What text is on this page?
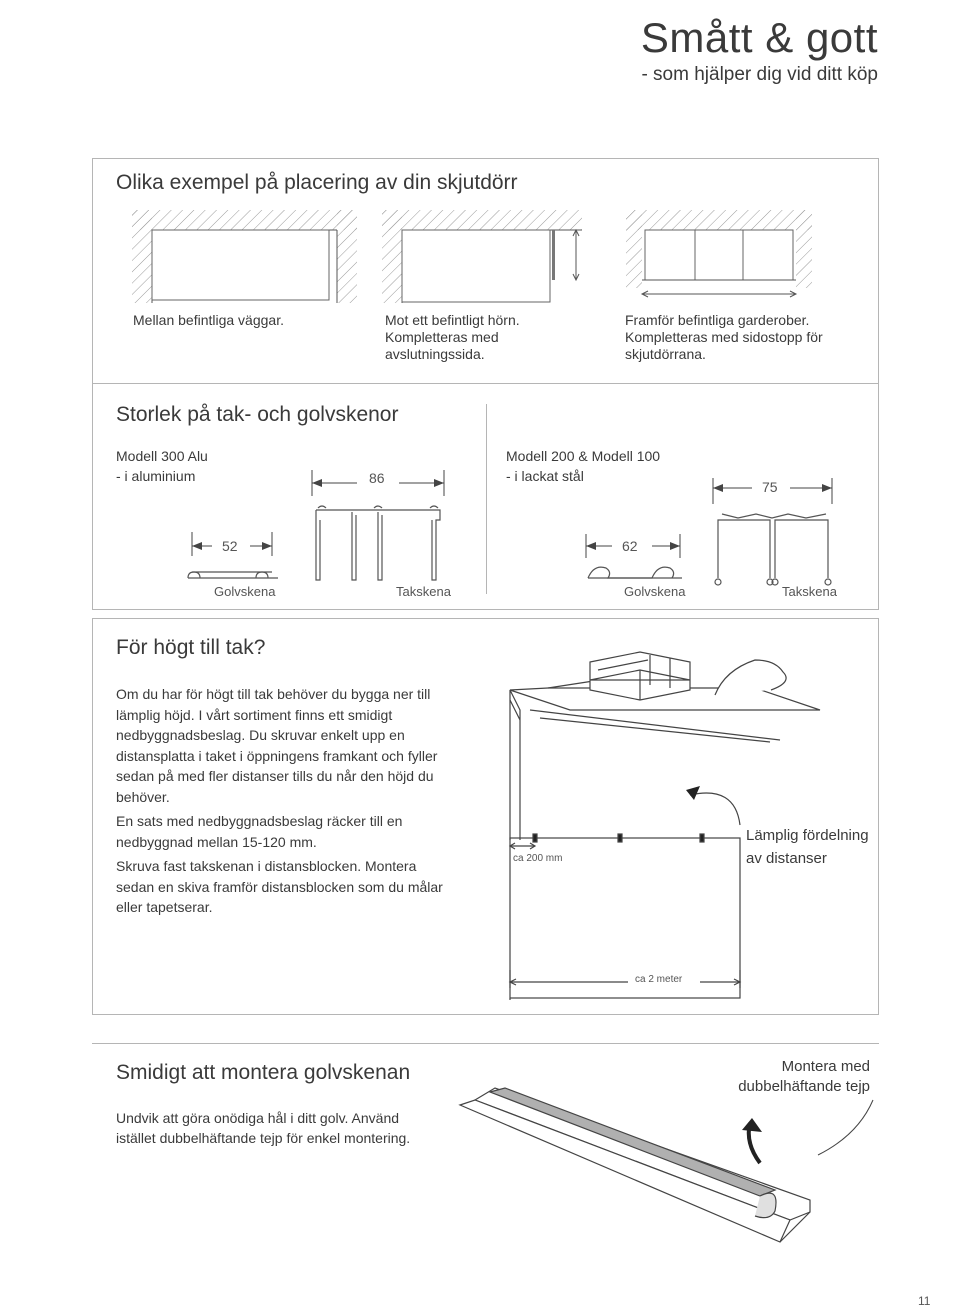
Smått & gott
- som hjälper dig vid ditt köp
Olika exempel på placering av din skjutdörr
Mellan befintliga väggar.	Mot ett befintligt hörn. Kompletteras med avslutningssida.
Framför befintliga garderober. Kompletteras med sidostopp för skjutdörrana.
Storlek på tak- och golvskenor
Modell 300 Alu
- i aluminium
Modell 200 & Modell 100
- i lackat stål
86
75
52	62
Golvskena	Takskena	Golvskena	Takskena
För högt till tak?

Om du har för högt till tak behöver du bygga ner till lämplig höjd. I vårt sortiment finns ett smidigt nedbyggnadsbeslag. Du skruvar enkelt upp en distansplatta i taket i öppningens framkant och fyller sedan på med fler distanser tills du når den höjd du behöver.

En sats med nedbyggnadsbeslag räcker till en nedbyggnad mellan 15-120 mm.

Skruva fast takskenan i distansblocken. Montera sedan en skiva framför distansblocken som du målar eller tapetserar.

ca 200 mm
ca 2 meter
Lämplig fördelning av distanser
Smidigt att montera golvskenan
Undvik att göra onödiga hål i ditt golv. Använd istället dubbelhäftande tejp för enkel montering.
Montera med dubbelhäftande tejp
11
